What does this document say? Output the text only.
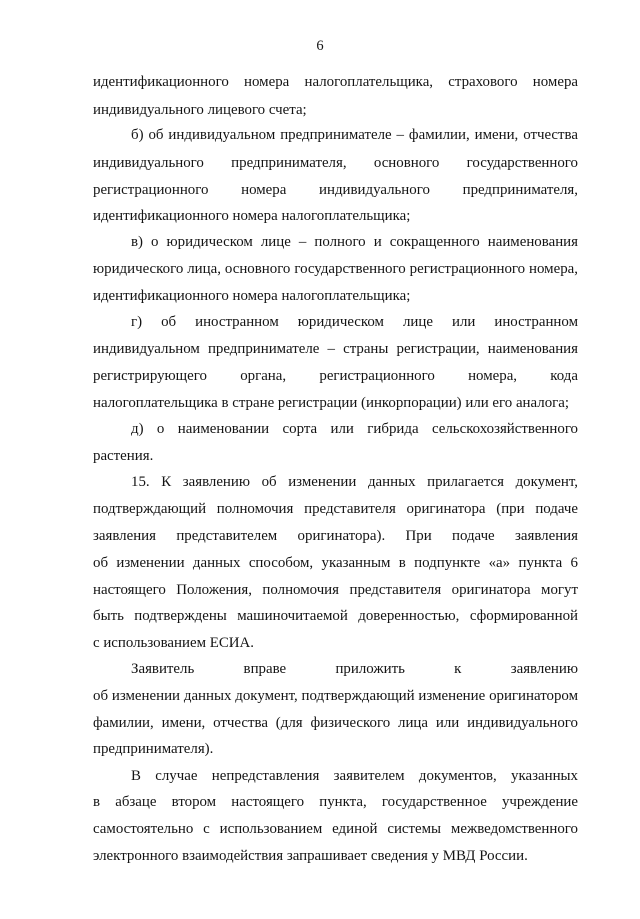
6
идентификационного номера налогоплательщика, страхового номера
индивидуального лицевого счета;
б) об индивидуальном предпринимателе – фамилии, имени, отчества
индивидуального предпринимателя, основного государственного
регистрационного номера индивидуального предпринимателя,
идентификационного номера налогоплательщика;
в) о юридическом лице – полного и сокращенного наименования
юридического лица, основного государственного регистрационного номера,
идентификационного номера налогоплательщика;
г) об иностранном юридическом лице или иностранном
индивидуальном предпринимателе – страны регистрации, наименования
регистрирующего органа, регистрационного номера, кода
налогоплательщика в стране регистрации (инкорпорации) или его аналога;
д) о наименовании сорта или гибрида сельскохозяйственного
растения.
15. К заявлению об изменении данных прилагается документ,
подтверждающий полномочия представителя оригинатора (при подаче
заявления представителем оригинатора). При подаче заявления
об изменении данных способом, указанным в подпункте «а» пункта 6
настоящего Положения, полномочия представителя оригинатора могут
быть подтверждены машиночитаемой доверенностью, сформированной
с использованием ЕСИА.
Заявитель вправе приложить к заявлению
об изменении данных документ, подтверждающий изменение оригинатором
фамилии, имени, отчества (для физического лица или индивидуального
предпринимателя).
В случае непредставления заявителем документов, указанных
в абзаце втором настоящего пункта, государственное учреждение
самостоятельно с использованием единой системы межведомственного
электронного взаимодействия запрашивает сведения у МВД России.
